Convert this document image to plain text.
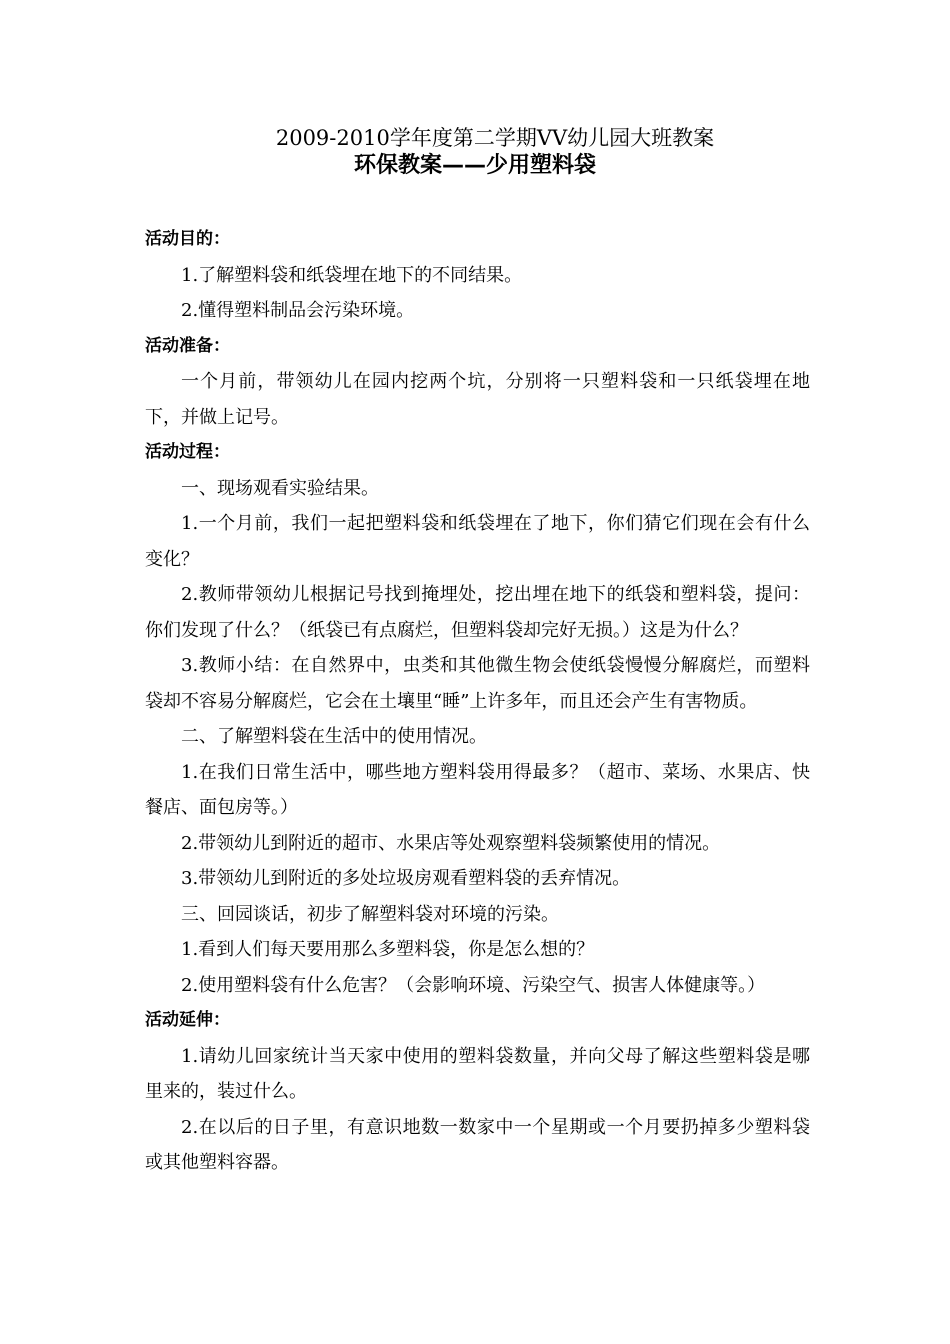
2009-2010学年度第二学期VV幼儿园大班教案
环保教案——少用塑料袋
活动目的：
1.了解塑料袋和纸袋埋在地下的不同结果。
2.懂得塑料制品会污染环境。
活动准备：
一个月前，带领幼儿在园内挖两个坑，分别将一只塑料袋和一只纸袋埋在地下，并做上记号。
活动过程：
一、现场观看实验结果。
1.一个月前，我们一起把塑料袋和纸袋埋在了地下，你们猜它们现在会有什么变化？
2.教师带领幼儿根据记号找到掩埋处，挖出埋在地下的纸袋和塑料袋，提问：你们发现了什么？（纸袋已有点腐烂，但塑料袋却完好无损。）这是为什么？
3.教师小结：在自然界中，虫类和其他微生物会使纸袋慢慢分解腐烂，而塑料袋却不容易分解腐烂，它会在土壤里“睡”上许多年，而且还会产生有害物质。
二、了解塑料袋在生活中的使用情况。
1.在我们日常生活中，哪些地方塑料袋用得最多？（超市、菜场、水果店、快餐店、面包房等。）
2.带领幼儿到附近的超市、水果店等处观察塑料袋频繁使用的情况。
3.带领幼儿到附近的多处垃圾房观看塑料袋的丢弃情况。
三、回园谈话，初步了解塑料袋对环境的污染。
1.看到人们每天要用那么多塑料袋，你是怎么想的？
2.使用塑料袋有什么危害？（会影响环境、污染空气、损害人体健康等。）
活动延伸：
1.请幼儿回家统计当天家中使用的塑料袋数量，并向父母了解这些塑料袋是哪里来的，装过什么。
2.在以后的日子里，有意识地数一数家中一个星期或一个月要扔掉多少塑料袋或其他塑料容器。
